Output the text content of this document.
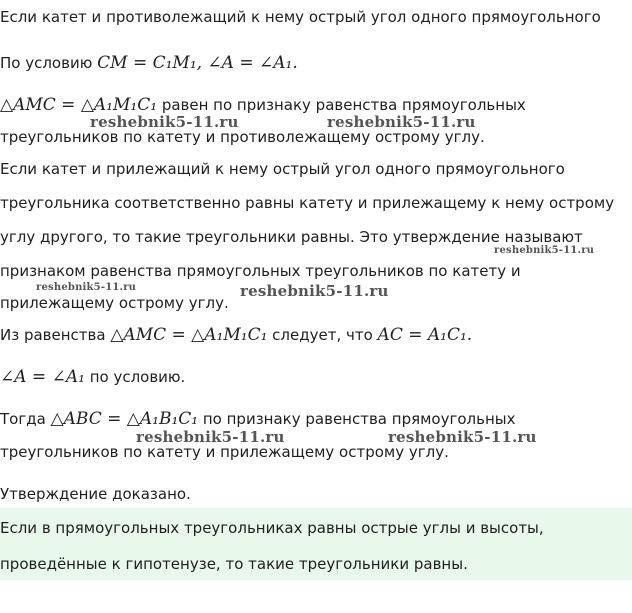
Если катет и противолежащий к нему острый угол одного прямоугольного
По условию CM = C₁M₁, ∠A = ∠A₁.
△AMC = △A₁M₁C₁ равен по признаку равенства прямоугольных
reshebnik5-11.ru	reshebnik5-11.ru
треугольников по катету и противолежащему острому углу.
Если катет и прилежащий к нему острый угол одного прямоугольного
треугольника соответственно равны катету и прилежащему к нему острому
углу другого, то такие треугольники равны. Это утверждение называют
reshebnik5-11.ru
признаком равенства прямоугольных треугольников по катету и
reshebnik5-11.ru	reshebnik5-11.ru
прилежащему острому углу.
Из равенства △AMC = △A₁M₁C₁ следует, что AC = A₁C₁.
∠A = ∠A₁ по условию.
Тогда △ABC = △A₁B₁C₁ по признаку равенства прямоугольных
reshebnik5-11.ru	reshebnik5-11.ru
треугольников по катету и прилежащему острому углу.
Утверждение доказано.
Если в прямоугольных треугольниках равны острые углы и высоты,
проведённые к гипотенузе, то такие треугольники равны.
